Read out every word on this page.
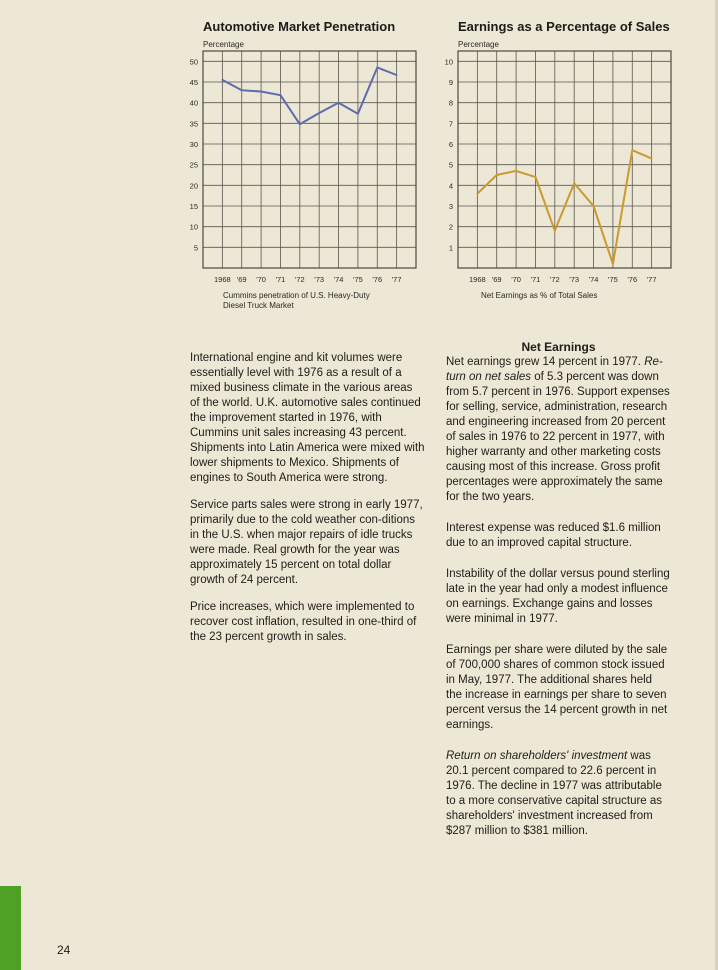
Automotive Market Penetration
Percentage
Cummins penetration of U.S. Heavy-Duty
Diesel Truck Market
Earnings as a Percentage of Sales
Percentage
Net Earnings as % of Total Sales
5
10
15
20
25
30
35
40
45
50
1968 '69 '70 '71 '72 '73 '74 '75 '76 '77
1
2
3
4
5
6
7
8
9
10
1968 '69 '70 '71 '72 '73 '74 '75 '76 '77

International engine and kit volumes were essentially level with 1976 as a result of a mixed business climate in the various areas of the world. U.K. automotive sales continued the improvement started in 1976, with Cummins unit sales increasing 43 percent. Shipments into Latin America were mixed with lower shipments to Mexico. Shipments of engines to South America were strong.

Service parts sales were strong in early 1977, primarily due to the cold weather con-ditions in the U.S. when major repairs of idle trucks were made. Real growth for the year was approximately 15 percent on total dollar growth of 24 percent.

Price increases, which were implemented to recover cost inflation, resulted in one-third of the 23 percent growth in sales.

Net Earnings

Net earnings grew 14 percent in 1977. Re-turn on net sales of 5.3 percent was down from 5.7 percent in 1976. Support expenses for selling, service, administration, research and engineering increased from 20 percent of sales in 1976 to 22 percent in 1977, with higher warranty and other marketing costs causing most of this increase. Gross profit percentages were approximately the same for the two years.

Interest expense was reduced $1.6 million due to an improved capital structure.

Instability of the dollar versus pound sterling late in the year had only a modest influence on earnings. Exchange gains and losses were minimal in 1977.

Earnings per share were diluted by the sale of 700,000 shares of common stock issued in May, 1977. The additional shares held the increase in earnings per share to seven percent versus the 14 percent growth in net earnings.

Return on shareholders' investment was 20.1 percent compared to 22.6 percent in 1976. The decline in 1977 was attributable to a more conservative capital structure as shareholders' investment increased from $287 million to $381 million.

24
